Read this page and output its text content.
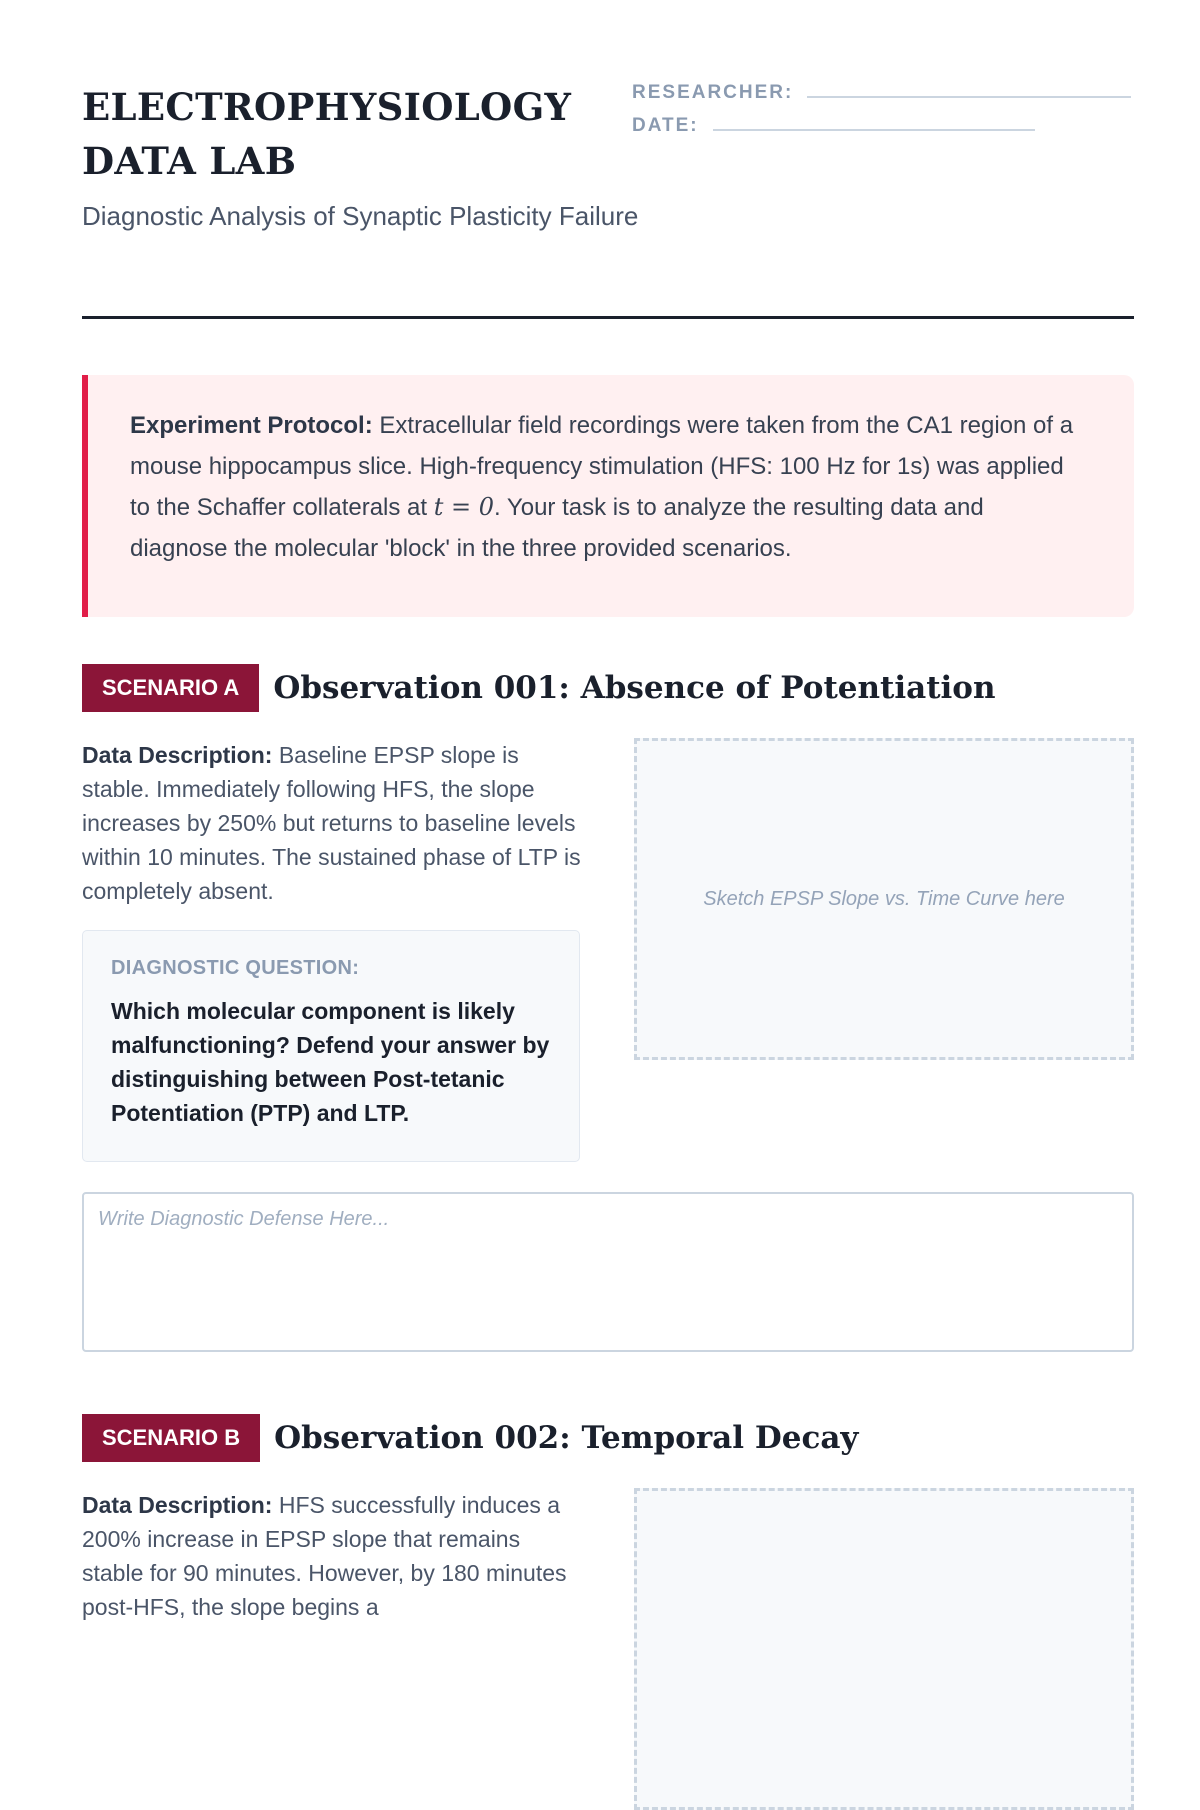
ELECTROPHYSIOLOGY DATA LAB
Diagnostic Analysis of Synaptic Plasticity Failure
RESEARCHER:
DATE:
Experiment Protocol: Extracellular field recordings were taken from the CA1 region of a mouse hippocampus slice. High-frequency stimulation (HFS: 100 Hz for 1s) was applied to the Schaffer collaterals at t = 0. Your task is to analyze the resulting data and diagnose the molecular 'block' in the three provided scenarios.
SCENARIO A	Observation 001: Absence of Potentiation

Data Description: Baseline EPSP slope is stable. Immediately following HFS, the slope increases by 250% but returns to baseline levels within 10 minutes. The sustained phase of LTP is completely absent.

DIAGNOSTIC QUESTION:
Which molecular component is likely malfunctioning? Defend your answer by distinguishing between Post-tetanic Potentiation (PTP) and LTP.
Sketch EPSP Slope vs. Time Curve here
Write Diagnostic Defense Here...
SCENARIO B	Observation 002: Temporal Decay

Data Description: HFS successfully induces a 200% increase in EPSP slope that remains stable for 90 minutes. However, by 180 minutes post-HFS, the slope begins a
